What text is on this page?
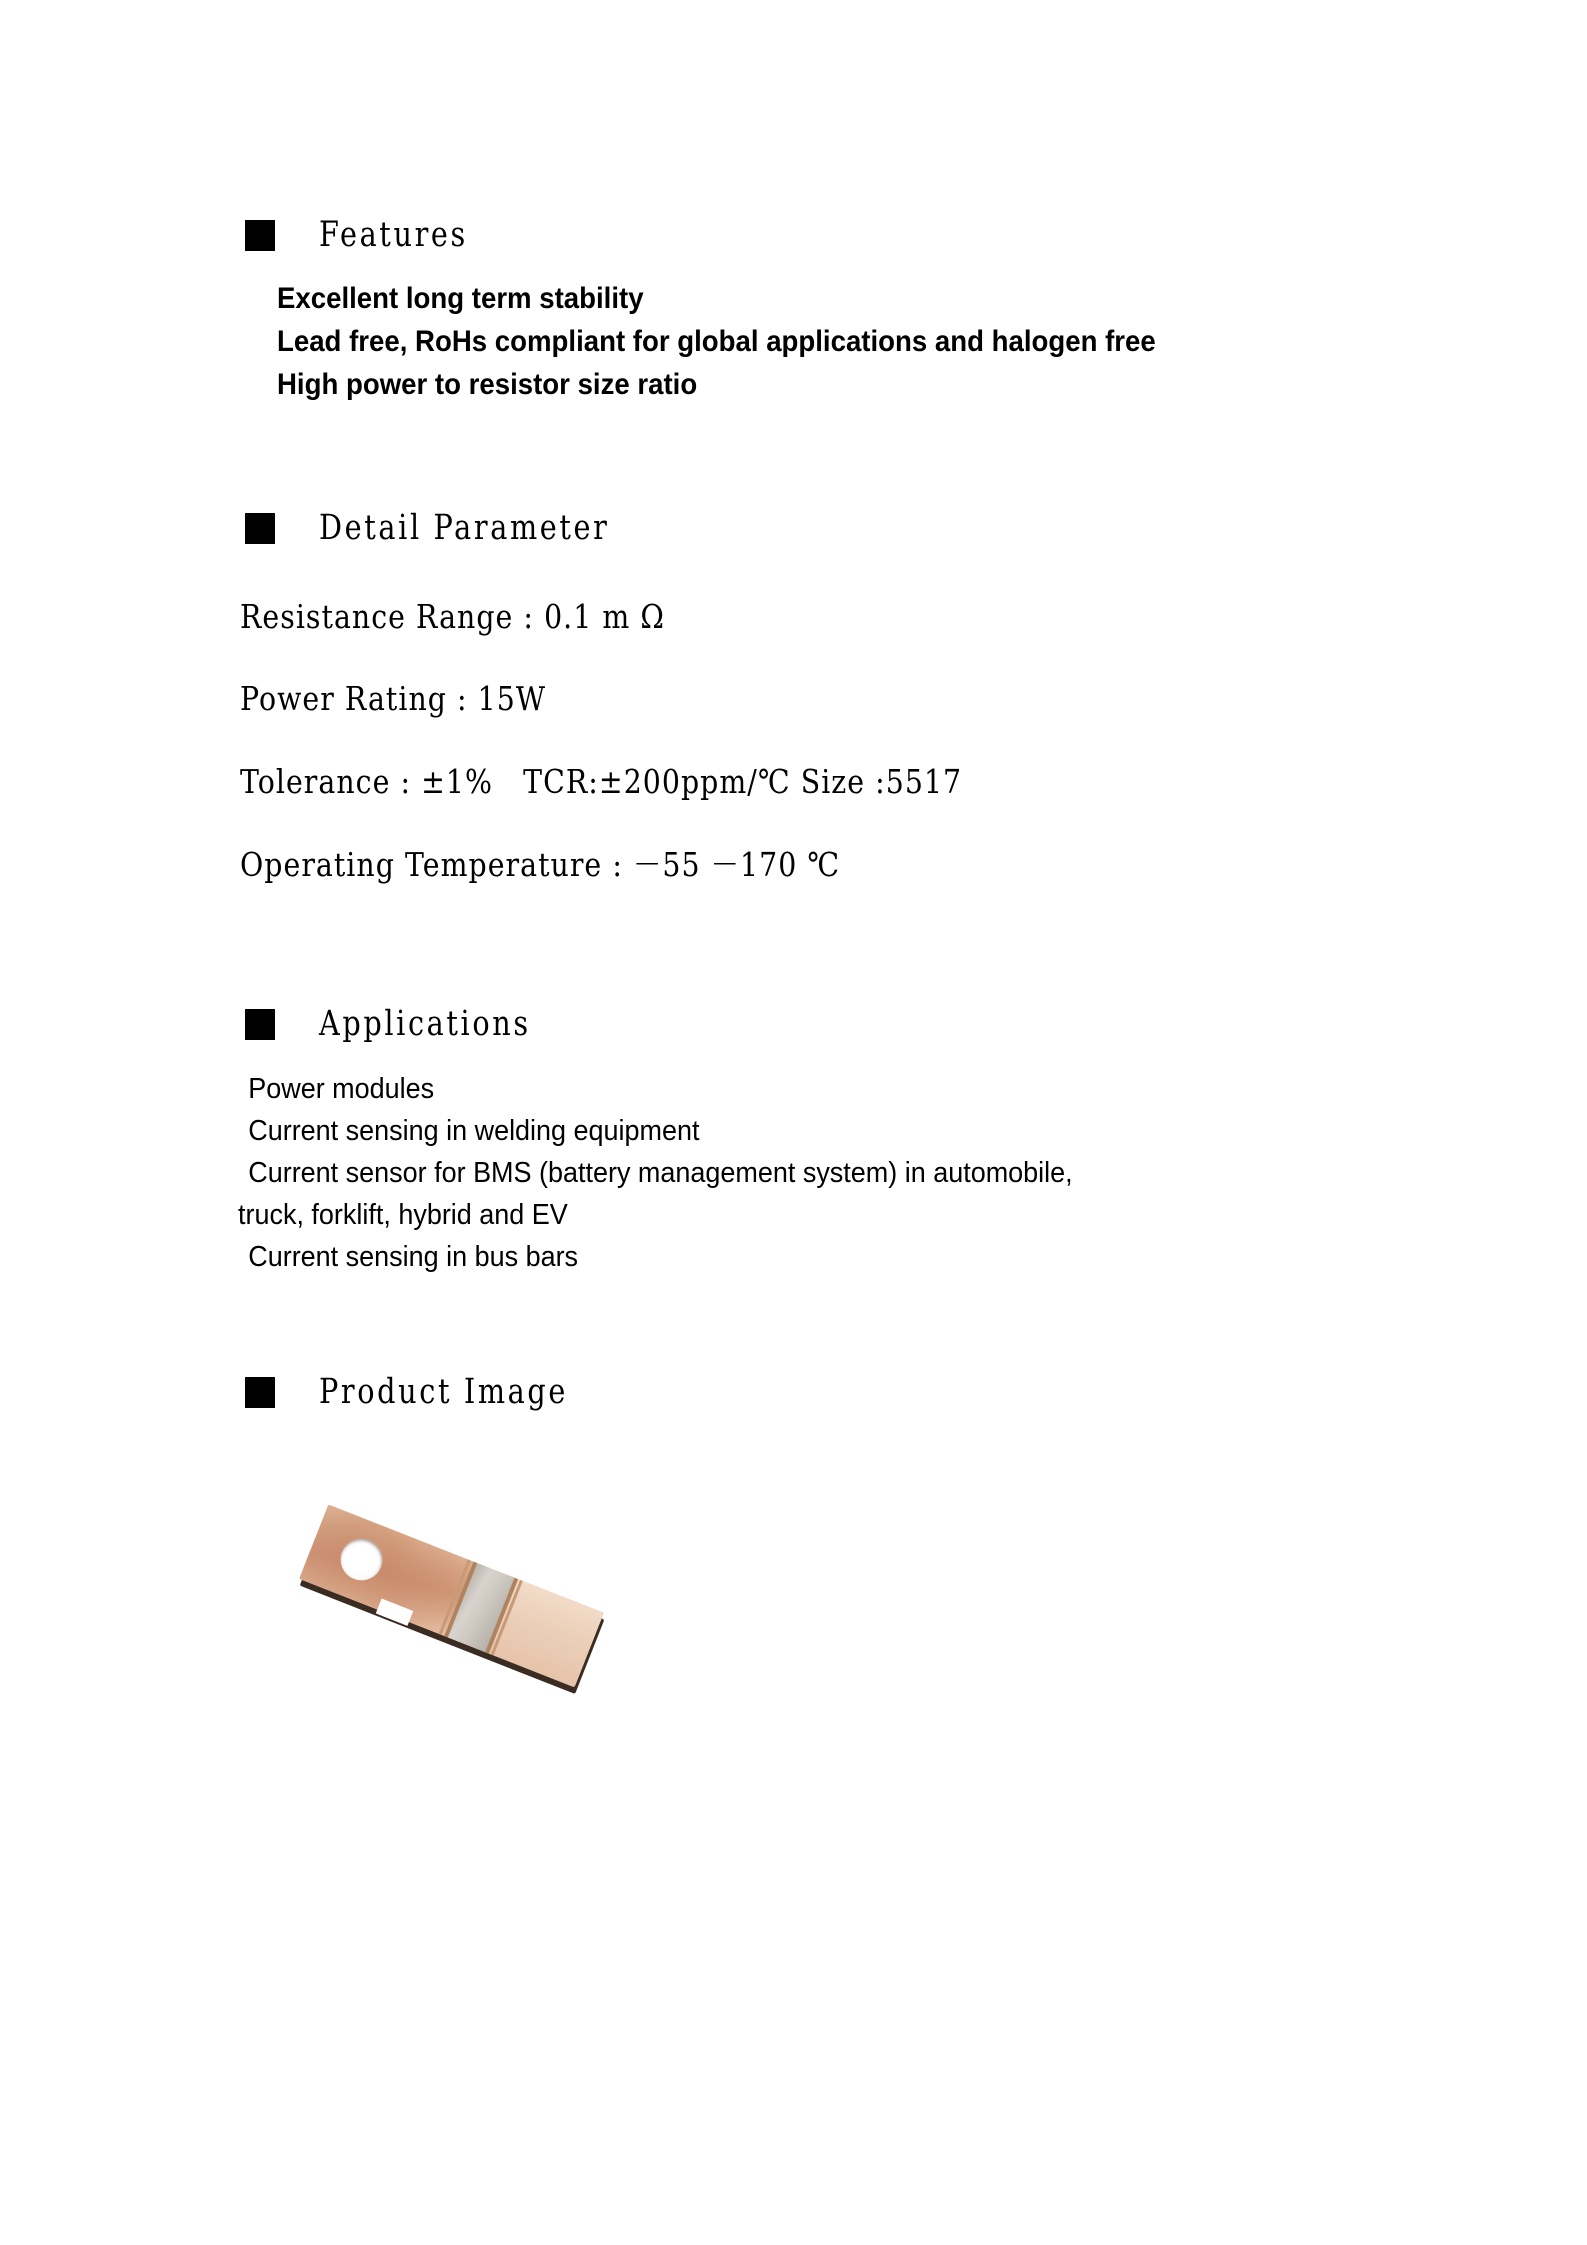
Features
Excellent long term stability
Lead free, RoHs compliant for global applications and halogen free
High power to resistor size ratio
Detail Parameter
Resistance Range : 0.1 m Ω
Power Rating : 15W
Tolerance : ±1%   TCR:±200ppm/℃ Size :5517
Operating Temperature : －55 －170 ℃
Applications
Power modules
Current sensing in welding equipment
Current sensor for BMS (battery management system) in automobile,
truck, forklift, hybrid and EV
Current sensing in bus bars
Product Image
